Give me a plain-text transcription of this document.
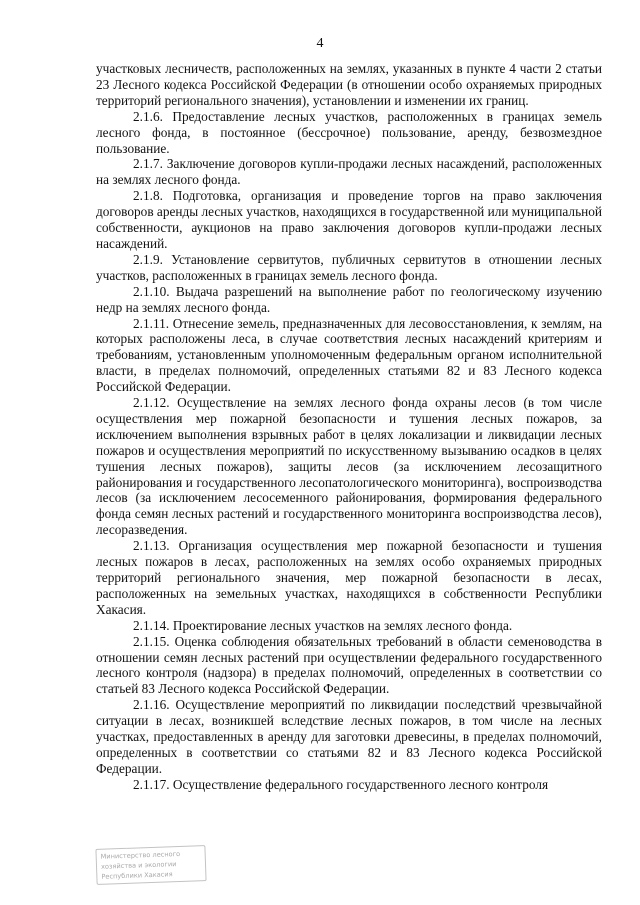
4

участковых лесничеств, расположенных на землях, указанных в пункте 4 части 2 статьи 23 Лесного кодекса Российской Федерации (в отношении особо охраняемых природных территорий регионального значения), установлении и изменении их границ.

2.1.6. Предоставление лесных участков, расположенных в границах земель лесного фонда, в постоянное (бессрочное) пользование, аренду, безвозмездное пользование.

2.1.7. Заключение договоров купли-продажи лесных насаждений, расположенных на землях лесного фонда.

2.1.8. Подготовка, организация и проведение торгов на право заключения договоров аренды лесных участков, находящихся в государственной или муниципальной собственности, аукционов на право заключения договоров купли-продажи лесных насаждений.

2.1.9. Установление сервитутов, публичных сервитутов в отношении лесных участков, расположенных в границах земель лесного фонда.

2.1.10. Выдача разрешений на выполнение работ по геологическому изучению недр на землях лесного фонда.

2.1.11. Отнесение земель, предназначенных для лесовосстановления, к землям, на которых расположены леса, в случае соответствия лесных насаждений критериям и требованиям, установленным уполномоченным федеральным органом исполнительной власти, в пределах полномочий, определенных статьями 82 и 83 Лесного кодекса Российской Федерации.

2.1.12. Осуществление на землях лесного фонда охраны лесов (в том числе осуществления мер пожарной безопасности и тушения лесных пожаров, за исключением выполнения взрывных работ в целях локализации и ликвидации лесных пожаров и осуществления мероприятий по искусственному вызыванию осадков в целях тушения лесных пожаров), защиты лесов (за исключением лесозащитного районирования и государственного лесопатологического мониторинга), воспроизводства лесов (за исключением лесосеменного районирования, формирования федерального фонда семян лесных растений и государственного мониторинга воспроизводства лесов), лесоразведения.

2.1.13. Организация осуществления мер пожарной безопасности и тушения лесных пожаров в лесах, расположенных на землях особо охраняемых природных территорий регионального значения, мер пожарной безопасности в лесах, расположенных на земельных участках, находящихся в собственности Республики Хакасия.

2.1.14. Проектирование лесных участков на землях лесного фонда.

2.1.15. Оценка соблюдения обязательных требований в области семеноводства в отношении семян лесных растений при осуществлении федерального государственного лесного контроля (надзора) в пределах полномочий, определенных в соответствии со статьей 83 Лесного кодекса Российской Федерации.

2.1.16. Осуществление мероприятий по ликвидации последствий чрезвычайной ситуации в лесах, возникшей вследствие лесных пожаров, в том числе на лесных участках, предоставленных в аренду для заготовки древесины, в пределах полномочий, определенных в соответствии со статьями 82 и 83 Лесного кодекса Российской Федерации.

2.1.17. Осуществление федерального государственного лесного контроля

Министерство лесного
хозяйства и экологии
Республики Хакасия
